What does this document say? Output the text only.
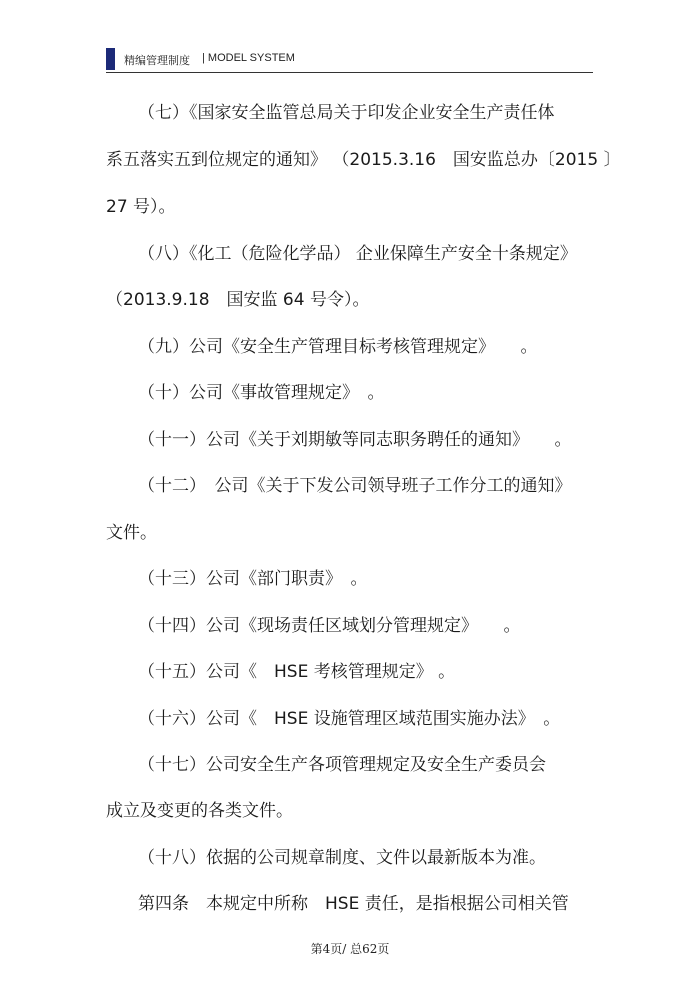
精编管理制度 | MODEL SYSTEM
（七）《国家安全监管总局关于印发企业安全生产责任体
系五落实五到位规定的通知》 （2015.3.16　国安监总办〔2015 〕
27 号）。
（八）《化工（危险化学品） 企业保障生产安全十条规定》
（2013.9.18　国安监 64 号令）。
（九）公司《安全生产管理目标考核管理规定》　　。
（十）公司《事故管理规定》　。
（十一）公司《关于刘期敏等同志职务聘任的通知》　　。
（十二）　公司《关于下发公司领导班子工作分工的通知》
文件。
（十三）公司《部门职责》　。
（十四）公司《现场责任区域划分管理规定》　　。
（十五）公司《　HSE 考核管理规定》 。
（十六）公司《　HSE 设施管理区域范围实施办法》　。
（十七）公司安全生产各项管理规定及安全生产委员会
成立及变更的各类文件。
（十八）依据的公司规章制度、文件以最新版本为准。
第四条　本规定中所称　HSE 责任，是指根据公司相关管
第4页/ 总62页
